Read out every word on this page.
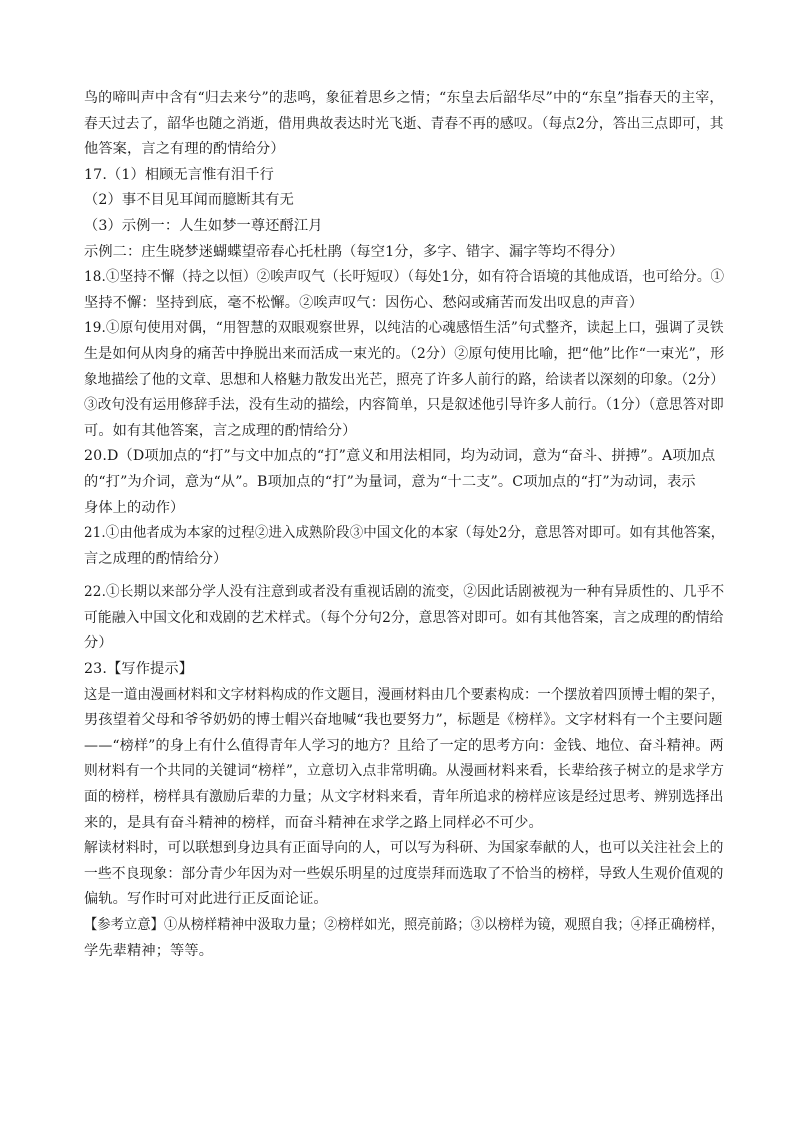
鸟的啼叫声中含有“归去来兮”的悲鸣，象征着思乡之情；“东皇去后韶华尽”中的“东皇”指春天的主宰，
春天过去了，韶华也随之消逝，借用典故表达时光飞逝、青春不再的感叹。（每点2分，答出三点即可，其
他答案，言之有理的酌情给分）
17.（1）相顾无言惟有泪千行
（2）事不目见耳闻而臆断其有无
（3）示例一：人生如梦一尊还酹江月
示例二：庄生晓梦迷蝴蝶望帝春心托杜鹃（每空1分，多字、错字、漏字等均不得分）
18.①坚持不懈（持之以恒）②唉声叹气（长吁短叹）（每处1分，如有符合语境的其他成语，也可给分。①
坚持不懈：坚持到底，毫不松懈。②唉声叹气：因伤心、愁闷或痛苦而发出叹息的声音）
19.①原句使用对偶，“用智慧的双眼观察世界，以纯洁的心魂感悟生活”句式整齐，读起上口，强调了灵铁
生是如何从肉身的痛苦中挣脱出来而活成一束光的。（2分）②原句使用比喻，把“他”比作“一束光”，形
象地描绘了他的文章、思想和人格魅力散发出光芒，照亮了许多人前行的路，给读者以深刻的印象。（2分）
③改句没有运用修辞手法，没有生动的描绘，内容简单，只是叙述他引导许多人前行。（1分）（意思答对即
可。如有其他答案，言之成理的酌情给分）
20.D（D项加点的“打”与文中加点的“打”意义和用法相同，均为动词，意为“奋斗、拼搏”。A项加点
的“打”为介词，意为“从”。B项加点的“打”为量词，意为“十二支”。C项加点的“打”为动词，表示
身体上的动作）
21.①由他者成为本家的过程②进入成熟阶段③中国文化的本家（每处2分，意思答对即可。如有其他答案，
言之成理的酌情给分）
22.①长期以来部分学人没有注意到或者没有重视话剧的流变，②因此话剧被视为一种有异质性的、几乎不
可能融入中国文化和戏剧的艺术样式。（每个分句2分，意思答对即可。如有其他答案，言之成理的酌情给
分）
23.【写作提示】
这是一道由漫画材料和文字材料构成的作文题目，漫画材料由几个要素构成：一个摆放着四顶博士帽的架子，
男孩望着父母和爷爷奶奶的博士帽兴奋地喊“我也要努力”，标题是《榜样》。文字材料有一个主要问题
——“榜样”的身上有什么值得青年人学习的地方？且给了一定的思考方向：金钱、地位、奋斗精神。两
则材料有一个共同的关键词“榜样”，立意切入点非常明确。从漫画材料来看，长辈给孩子树立的是求学方
面的榜样，榜样具有激励后辈的力量；从文字材料来看，青年所追求的榜样应该是经过思考、辨别选择出
来的，是具有奋斗精神的榜样，而奋斗精神在求学之路上同样必不可少。
解读材料时，可以联想到身边具有正面导向的人，可以写为科研、为国家奉献的人，也可以关注社会上的
一些不良现象：部分青少年因为对一些娱乐明星的过度崇拜而选取了不恰当的榜样，导致人生观价值观的
偏轨。写作时可对此进行正反面论证。
【参考立意】①从榜样精神中汲取力量；②榜样如光，照亮前路；③以榜样为镜，观照自我；④择正确榜样，
学先辈精神；等等。
